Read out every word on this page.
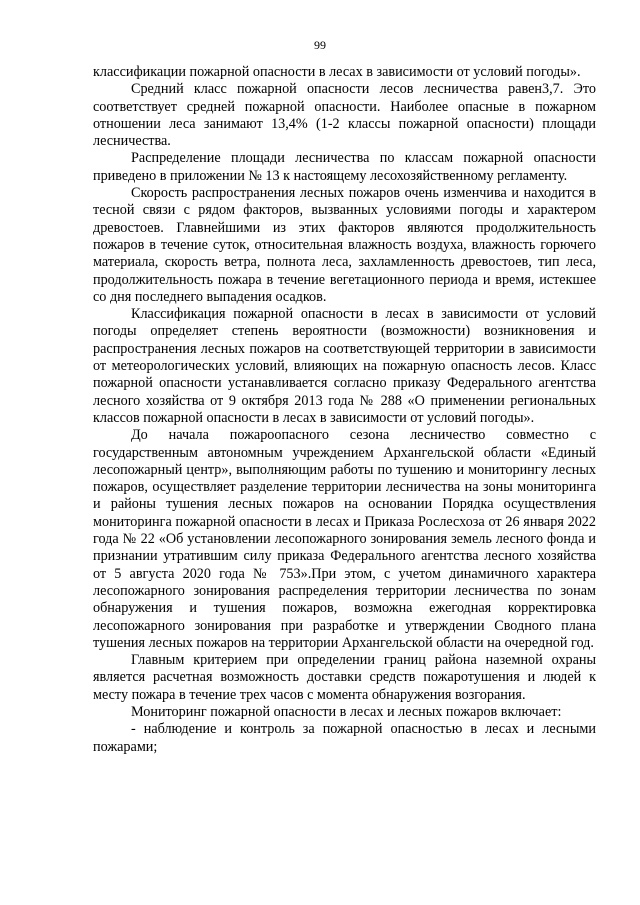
99

классификации пожарной опасности в лесах в зависимости от условий погоды».

Средний класс пожарной опасности лесов лесничества равен3,7. Это соответствует средней пожарной опасности. Наиболее опасные в пожарном отношении леса занимают 13,4% (1-2 классы пожарной опасности) площади лесничества.

Распределение площади лесничества по классам пожарной опасности приведено в приложении № 13 к настоящему лесохозяйственному регламенту.

Скорость распространения лесных пожаров очень изменчива и находится в тесной связи с рядом факторов, вызванных условиями погоды и характером древостоев. Главнейшими из этих факторов являются продолжительность пожаров в течение суток, относительная влажность воздуха, влажность горючего материала, скорость ветра, полнота леса, захламленность древостоев, тип леса, продолжительность пожара в течение вегетационного периода и время, истекшее со дня последнего выпадения осадков.

Классификация пожарной опасности в лесах в зависимости от условий погоды определяет степень вероятности (возможности) возникновения и распространения лесных пожаров на соответствующей территории в зависимости от метеорологических условий, влияющих на пожарную опасность лесов. Класс пожарной опасности устанавливается согласно приказу Федерального агентства лесного хозяйства от 9 октября 2013 года № 288 «О применении региональных классов пожарной опасности в лесах в зависимости от условий погоды».

До начала пожароопасного сезона лесничество совместно с государственным автономным учреждением Архангельской области «Единый лесопожарный центр», выполняющим работы по тушению и мониторингу лесных пожаров, осуществляет разделение территории лесничества на зоны мониторинга и районы тушения лесных пожаров на основании Порядка осуществления мониторинга пожарной опасности в лесах и Приказа Рослесхоза от 26 января 2022 года № 22 «Об установлении лесопожарного зонирования земель лесного фонда и признании утратившим силу приказа Федерального агентства лесного хозяйства от 5 августа 2020 года № 753».При этом, с учетом динамичного характера лесопожарного зонирования распределения территории лесничества по зонам обнаружения и тушения пожаров, возможна ежегодная корректировка лесопожарного зонирования при разработке и утверждении Сводного плана тушения лесных пожаров на территории Архангельской области на очередной год.

Главным критерием при определении границ района наземной охраны является расчетная возможность доставки средств пожаротушения и людей к месту пожара в течение трех часов с момента обнаружения возгорания.

Мониторинг пожарной опасности в лесах и лесных пожаров включает:

- наблюдение и контроль за пожарной опасностью в лесах и лесными пожарами;
